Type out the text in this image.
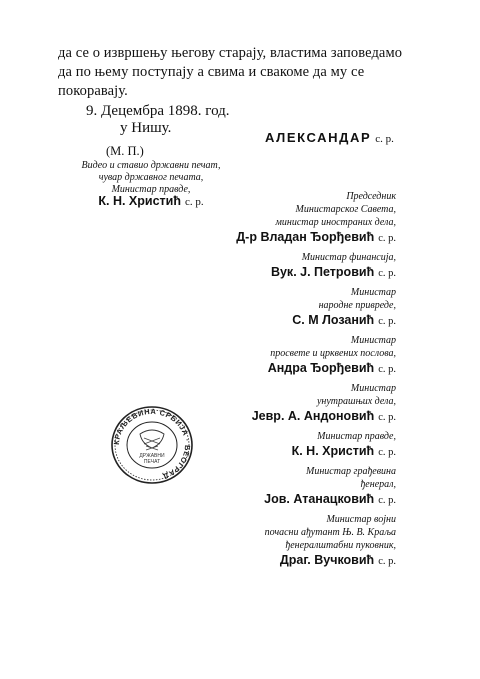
да се о извршењу његову старају, властима заповедамо
да по њему поступају а свима и свакоме да му се
покоравају.
9. Децембра 1898. год.
у Нишу.
АЛЕКСАНДАР с. р.
(М. П.)
Видео и ставио државни печат,
чувар државног печата,
Министар правде,
К. Н. Христић с. р.	Председник
Министарског Савета,
министар иностраних дела,
Д-р Владан Ђорђевић с. р.
Министар финансија,
Вук. Ј. Петровић с. р.
Министар
народне привреде,
С. М Лозанић с. р.
Министар
просвете и црквених послова,
Андра Ђорђевић с. р.
Министар
унутрашњих дела,
Јевр. А. Андоновић с. р.
Министар правде,
К. Н. Христић с. р.
Министар грађевина
ђенерал,
Јов. Атанацковић с. р.
Министар војни
почасни ађутант Њ. В. Краља
ђенералштабни пуковник,
Драг. Вучковић с. р.
КРАЉЕВИНА СРБИЈА · БЕОГРАД
ДРЖАВНИ
ПЕЧАТ
